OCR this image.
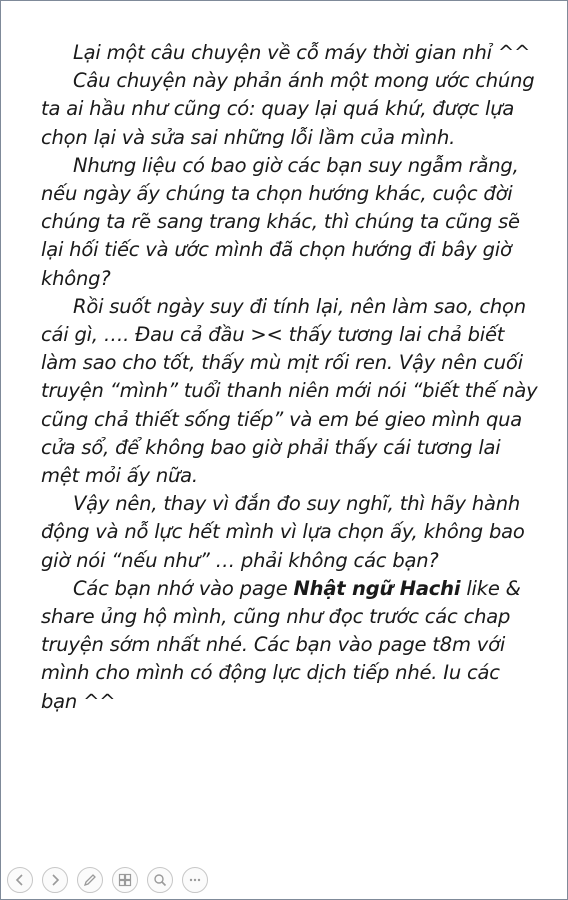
Lại một câu chuyện về cỗ máy thời gian nhỉ ^^

Câu chuyện này phản ánh một mong ước chúng ta ai hầu như cũng có: quay lại quá khứ, được lựa chọn lại và sửa sai những lỗi lầm của mình.

Nhưng liệu có bao giờ các bạn suy ngẫm rằng, nếu ngày ấy chúng ta chọn hướng khác, cuộc đời chúng ta rẽ sang trang khác, thì chúng ta cũng sẽ lại hối tiếc và ước mình đã chọn hướng đi bây giờ không?

Rồi suốt ngày suy đi tính lại, nên làm sao, chọn cái gì, …. Đau cả đầu >< thấy tương lai chả biết làm sao cho tốt, thấy mù mịt rối ren. Vậy nên cuối truyện “mình” tuổi thanh niên mới nói “biết thế này cũng chả thiết sống tiếp” và em bé gieo mình qua cửa sổ, để không bao giờ phải thấy cái tương lai mệt mỏi ấy nữa.

Vậy nên, thay vì đắn đo suy nghĩ, thì hãy hành động và nỗ lực hết mình vì lựa chọn ấy, không bao giờ nói “nếu như” … phải không các bạn?

Các bạn nhớ vào page Nhật ngữ Hachi like & share ủng hộ mình, cũng như đọc trước các chap truyện sớm nhất nhé. Các bạn vào page t8m với mình cho mình có động lực dịch tiếp nhé. Iu các bạn ^^
